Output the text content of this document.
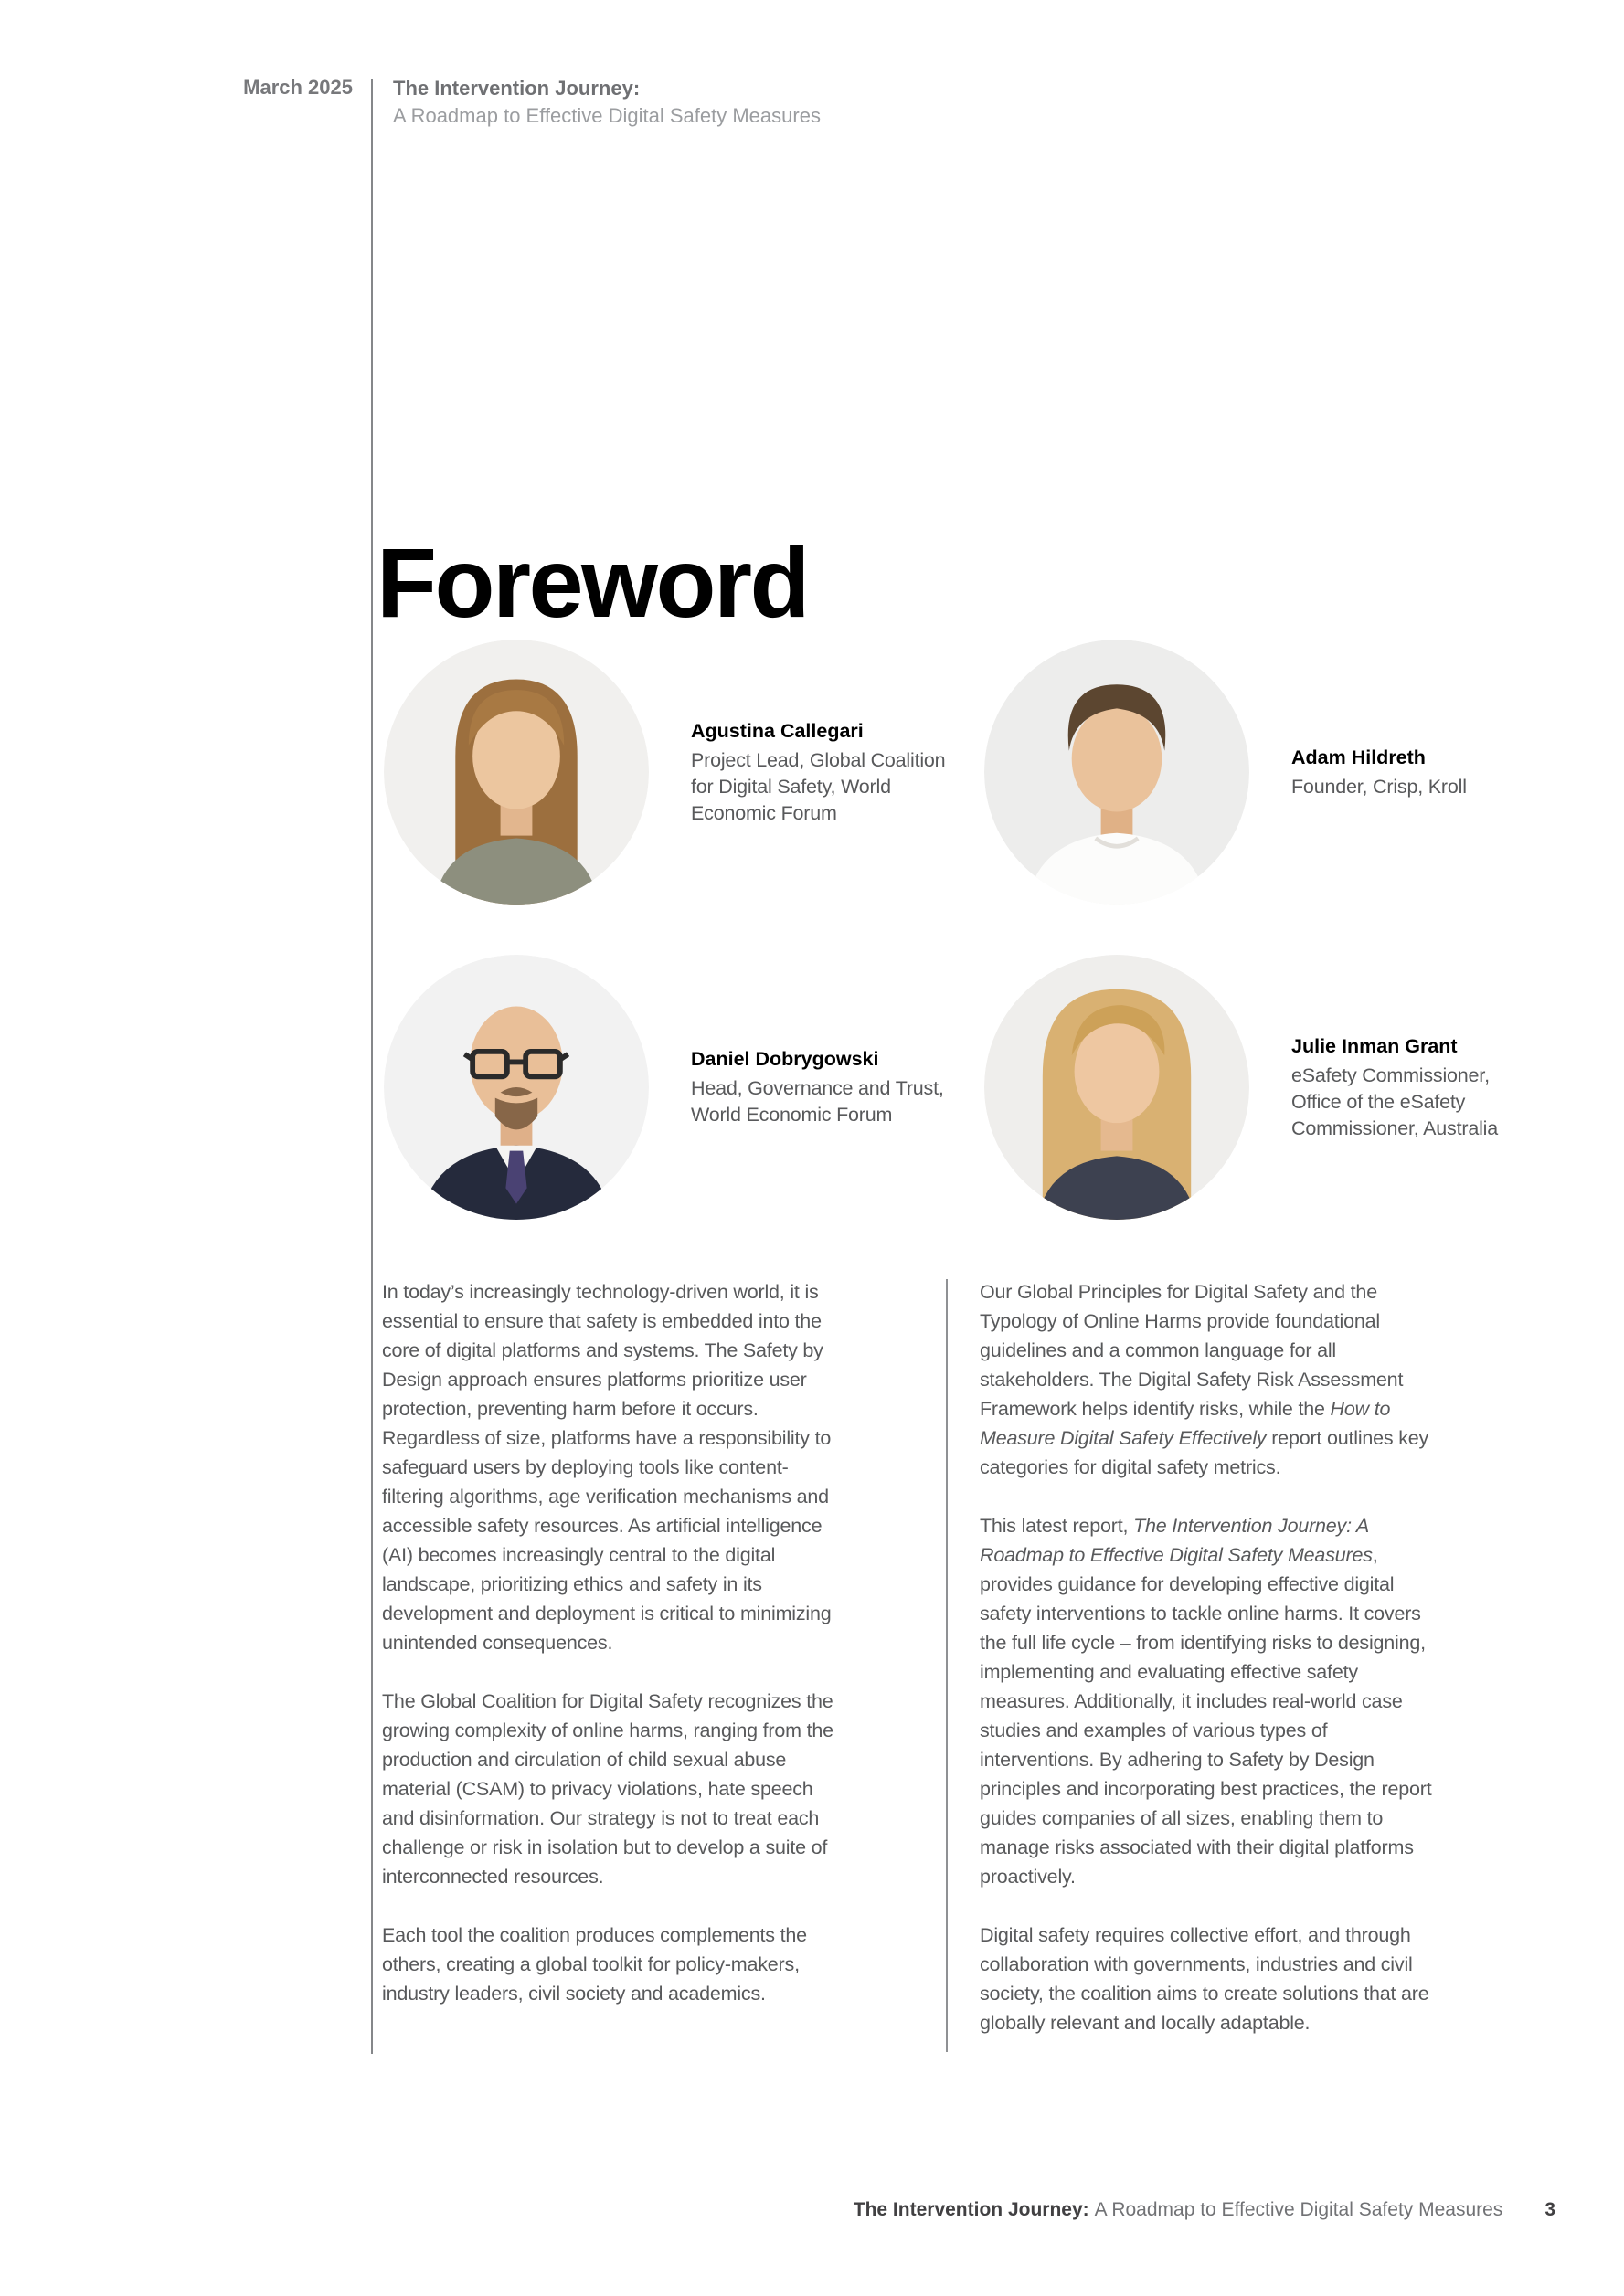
March 2025 The Intervention Journey:
A Roadmap to Effective Digital Safety Measures
Foreword
Agustina Callegari
Project Lead, Global Coalition
for Digital Safety, World
Economic Forum
Adam Hildreth
Founder, Crisp, Kroll
Daniel Dobrygowski
Head, Governance and Trust,
World Economic Forum
Julie Inman Grant
eSafety Commissioner,
Office of the eSafety
Commissioner, Australia

In today’s increasingly technology-driven world, it is essential to ensure that safety is embedded into the core of digital platforms and systems. The Safety by Design approach ensures platforms prioritize user protection, preventing harm before it occurs. Regardless of size, platforms have a responsibility to safeguard users by deploying tools like content-filtering algorithms, age verification mechanisms and accessible safety resources. As artificial intelligence (AI) becomes increasingly central to the digital landscape, prioritizing ethics and safety in its development and deployment is critical to minimizing unintended consequences.

The Global Coalition for Digital Safety recognizes the growing complexity of online harms, ranging from the production and circulation of child sexual abuse material (CSAM) to privacy violations, hate speech and disinformation. Our strategy is not to treat each challenge or risk in isolation but to develop a suite of interconnected resources.

Each tool the coalition produces complements the others, creating a global toolkit for policy-makers, industry leaders, civil society and academics.

Our Global Principles for Digital Safety and the Typology of Online Harms provide foundational guidelines and a common language for all stakeholders. The Digital Safety Risk Assessment Framework helps identify risks, while the How to Measure Digital Safety Effectively report outlines key categories for digital safety metrics.

This latest report, The Intervention Journey: A Roadmap to Effective Digital Safety Measures, provides guidance for developing effective digital safety interventions to tackle online harms. It covers the full life cycle – from identifying risks to designing, implementing and evaluating effective safety measures. Additionally, it includes real-world case studies and examples of various types of interventions. By adhering to Safety by Design principles and incorporating best practices, the report guides companies of all sizes, enabling them to manage risks associated with their digital platforms proactively.

Digital safety requires collective effort, and through collaboration with governments, industries and civil society, the coalition aims to create solutions that are globally relevant and locally adaptable.

The Intervention Journey: A Roadmap to Effective Digital Safety Measures 3
